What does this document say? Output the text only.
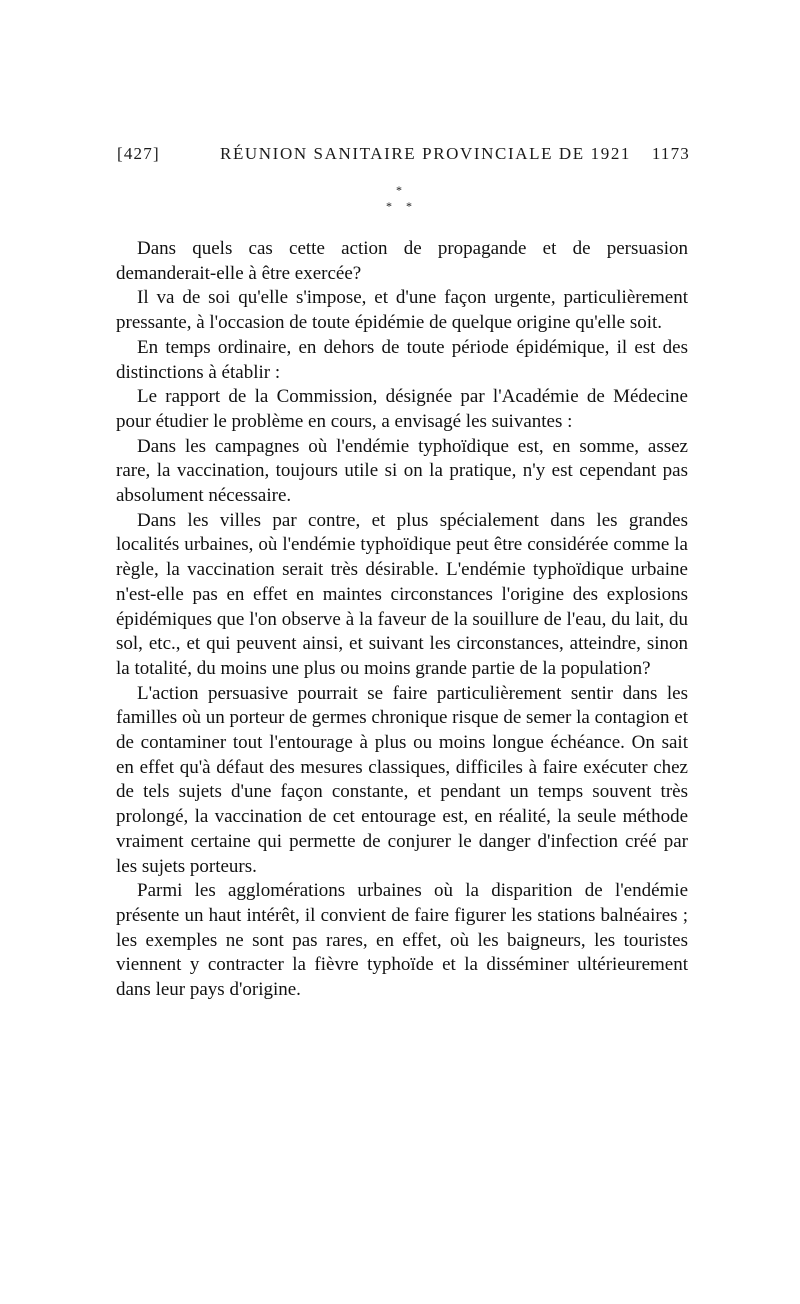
[427]	RÉUNION SANITAIRE PROVINCIALE DE 1921 1173
*
* *

Dans quels cas cette action de propagande et de persuasion demanderait-elle à être exercée?

Il va de soi qu'elle s'impose, et d'une façon urgente, particulièrement pressante, à l'occasion de toute épidémie de quelque origine qu'elle soit.

En temps ordinaire, en dehors de toute période épidémique, il est des distinctions à établir :

Le rapport de la Commission, désignée par l'Académie de Médecine pour étudier le problème en cours, a envisagé les suivantes :

Dans les campagnes où l'endémie typhoïdique est, en somme, assez rare, la vaccination, toujours utile si on la pratique, n'y est cependant pas absolument nécessaire.

Dans les villes par contre, et plus spécialement dans les grandes localités urbaines, où l'endémie typhoïdique peut être considérée comme la règle, la vaccination serait très désirable. L'endémie typhoïdique urbaine n'est-elle pas en effet en maintes circonstances l'origine des explosions épidémiques que l'on observe à la faveur de la souillure de l'eau, du lait, du sol, etc., et qui peuvent ainsi, et suivant les circonstances, atteindre, sinon la totalité, du moins une plus ou moins grande partie de la population?

L'action persuasive pourrait se faire particulièrement sentir dans les familles où un porteur de germes chronique risque de semer la contagion et de contaminer tout l'entourage à plus ou moins longue échéance. On sait en effet qu'à défaut des mesures classiques, difficiles à faire exécuter chez de tels sujets d'une façon constante, et pendant un temps souvent très prolongé, la vaccination de cet entourage est, en réalité, la seule méthode vraiment certaine qui permette de conjurer le danger d'infection créé par les sujets porteurs.

Parmi les agglomérations urbaines où la disparition de l'endémie présente un haut intérêt, il convient de faire figurer les stations balnéaires ; les exemples ne sont pas rares, en effet, où les baigneurs, les touristes viennent y contracter la fièvre typhoïde et la disséminer ultérieurement dans leur pays d'origine.
